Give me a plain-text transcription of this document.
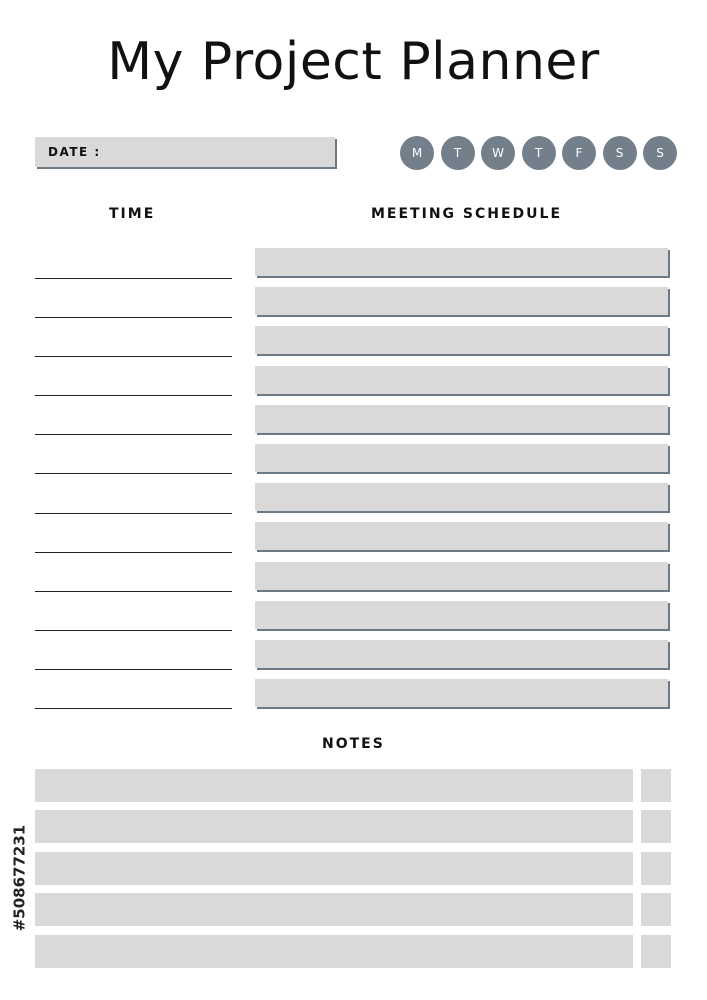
My Project Planner
DATE :	M	T	W	T	F	S	S
TIME	MEETING SCHEDULE
NOTES
#508677231
